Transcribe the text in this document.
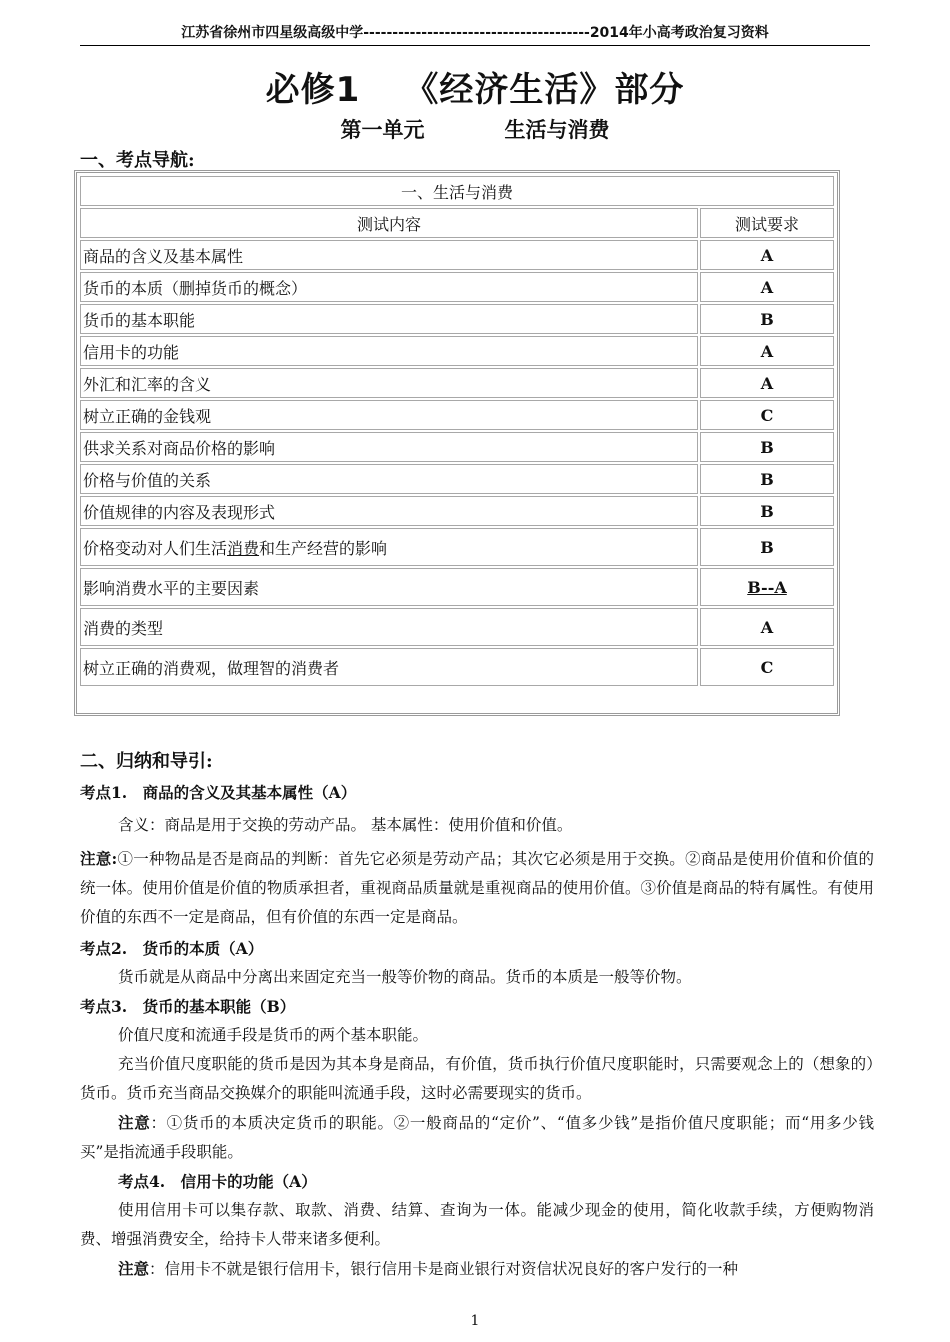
江苏省徐州市四星级高级中学---------------------------------------2014年小高考政治复习资料
必修1 《经济生活》部分
第一单元	生活与消费
一、考点导航:
一、生活与消费	
测试内容	测试要求
商品的含义及基本属性	A
货币的本质（删掉货币的概念）	A
货币的基本职能	B
信用卡的功能	A
外汇和汇率的含义	A
树立正确的金钱观	C
供求关系对商品价格的影响	B
价格与价值的关系	B
价值规律的内容及表现形式	B
价格变动对人们生活消费和生产经营的影响	B
影响消费水平的主要因素	B--A
消费的类型	A
树立正确的消费观，做理智的消费者	C

二、归纳和导引:

考点1.　商品的含义及其基本属性（A）

含义：商品是用于交换的劳动产品。 基本属性：使用价值和价值。

注意:①一种物品是否是商品的判断：首先它必须是劳动产品；其次它必须是用于交换。②商品是使用价值和价值的统一体。使用价值是价值的物质承担者，重视商品质量就是重视商品的使用价值。③价值是商品的特有属性。有使用价值的东西不一定是商品，但有价值的东西一定是商品。

考点2.　货币的本质（A）

货币就是从商品中分离出来固定充当一般等价物的商品。货币的本质是一般等价物。

考点3.　货币的基本职能（B）

价值尺度和流通手段是货币的两个基本职能。

充当价值尺度职能的货币是因为其本身是商品，有价值，货币执行价值尺度职能时，只需要观念上的（想象的）货币。货币充当商品交换媒介的职能叫流通手段，这时必需要现实的货币。

注意：①货币的本质决定货币的职能。②一般商品的“定价”、“值多少钱”是指价值尺度职能；而“用多少钱买”是指流通手段职能。

考点4.　信用卡的功能（A）

使用信用卡可以集存款、取款、消费、结算、查询为一体。能减少现金的使用，简化收款手续，方便购物消费、增强消费安全，给持卡人带来诸多便利。

注意：信用卡不就是银行信用卡，银行信用卡是商业银行对资信状况良好的客户发行的一种

1
